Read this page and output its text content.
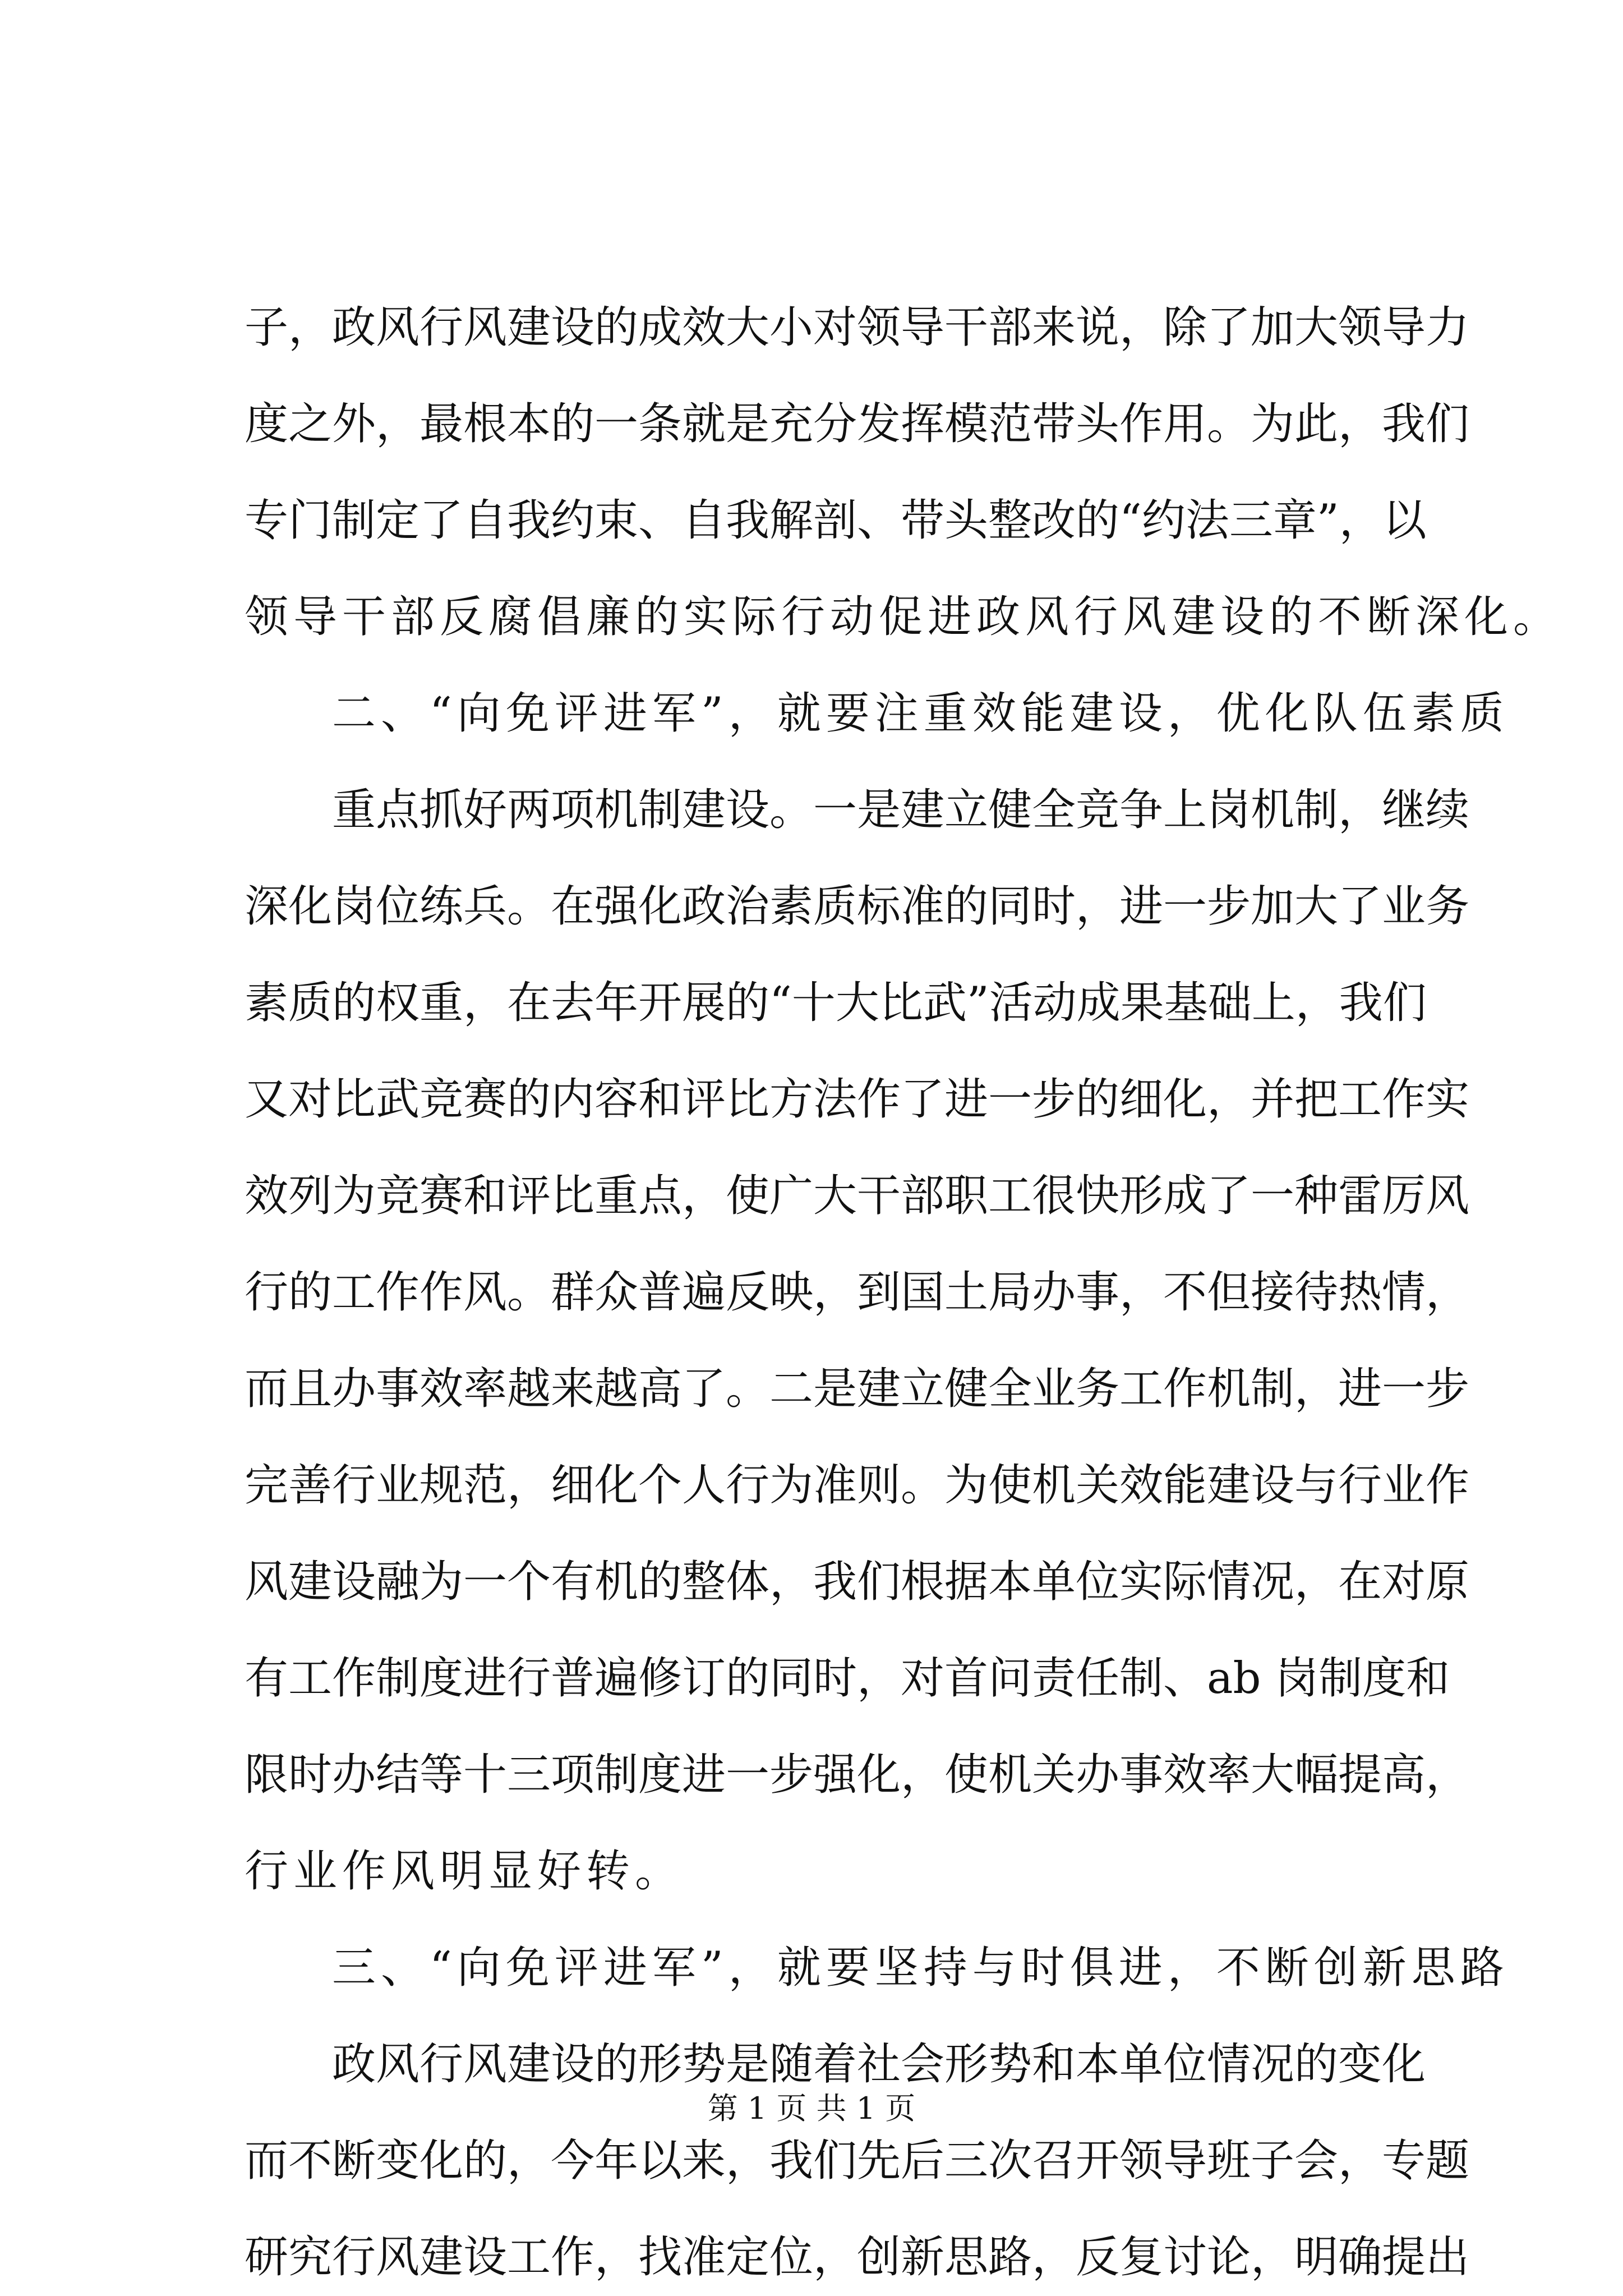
子，政风行风建设的成效大小对领导干部来说，除了加大领导力
度之外，最根本的一条就是充分发挥模范带头作用。为此，我们
专门制定了自我约束、自我解剖、带头整改的“约法三章”，以
领导干部反腐倡廉的实际行动促进政风行风建设的不断深化。
二、“向免评进军”，就要注重效能建设，优化队伍素质
重点抓好两项机制建设。一是建立健全竞争上岗机制，继续
深化岗位练兵。在强化政治素质标准的同时，进一步加大了业务
素质的权重，在去年开展的“十大比武”活动成果基础上，我们
又对比武竞赛的内容和评比方法作了进一步的细化，并把工作实
效列为竞赛和评比重点，使广大干部职工很快形成了一种雷厉风
行的工作作风。群众普遍反映，到国土局办事，不但接待热情，
而且办事效率越来越高了。二是建立健全业务工作机制，进一步
完善行业规范，细化个人行为准则。为使机关效能建设与行业作
风建设融为一个有机的整体，我们根据本单位实际情况，在对原
有工作制度进行普遍修订的同时，对首问责任制、ab 岗制度和
限时办结等十三项制度进一步强化，使机关办事效率大幅提高，
行业作风明显好转。
三、“向免评进军”，就要坚持与时俱进，不断创新思路
政风行风建设的形势是随着社会形势和本单位情况的变化
而不断变化的，今年以来，我们先后三次召开领导班子会，专题
研究行风建设工作，找准定位，创新思路，反复讨论，明确提出
第 1 页 共 1 页
